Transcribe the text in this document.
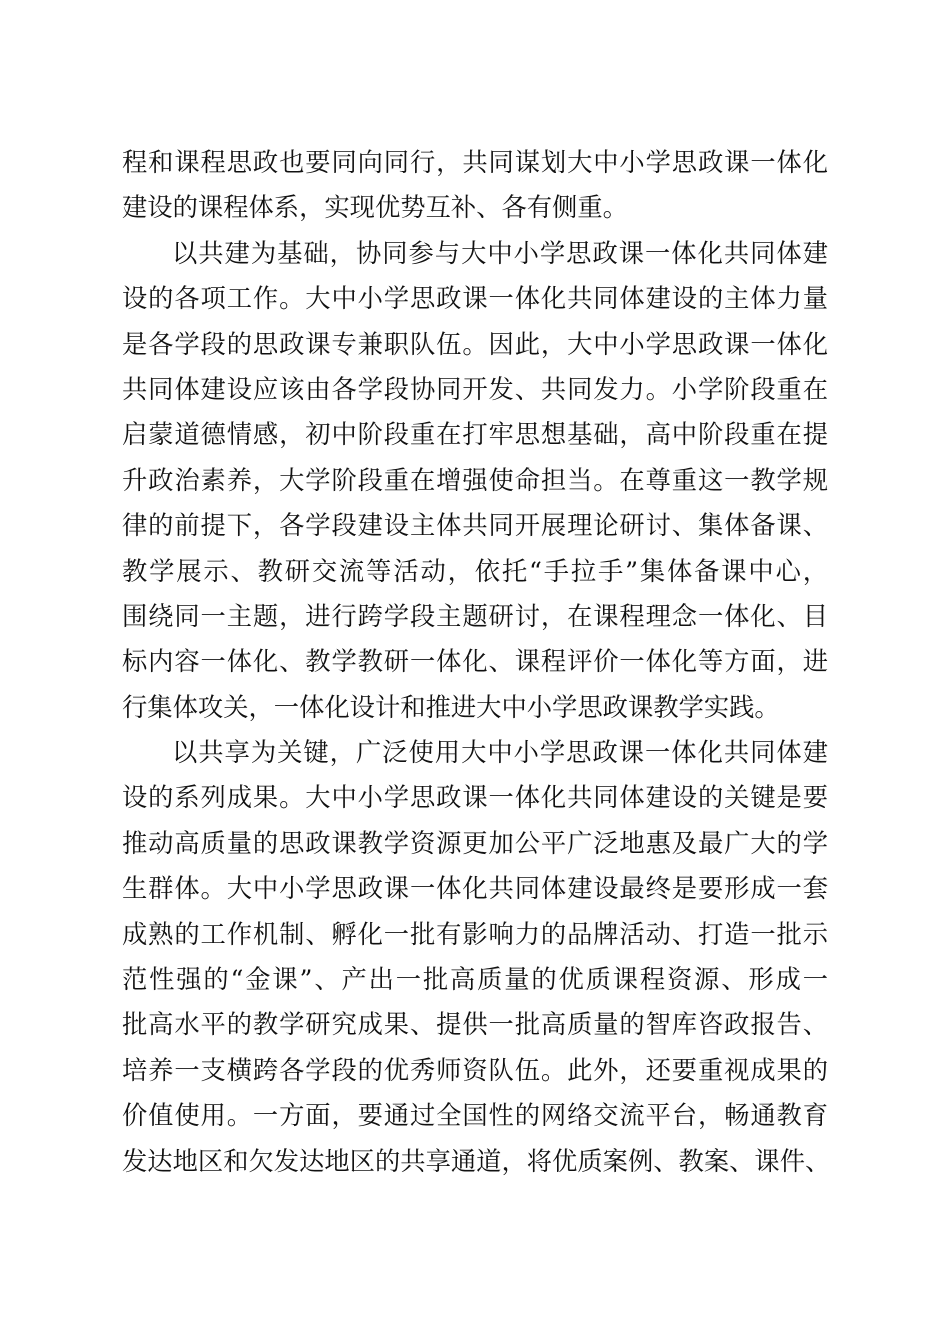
程和课程思政也要同向同行，共同谋划大中小学思政课一体化
建设的课程体系，实现优势互补、各有侧重。
以共建为基础，协同参与大中小学思政课一体化共同体建
设的各项工作。大中小学思政课一体化共同体建设的主体力量
是各学段的思政课专兼职队伍。因此，大中小学思政课一体化
共同体建设应该由各学段协同开发、共同发力。小学阶段重在
启蒙道德情感，初中阶段重在打牢思想基础，高中阶段重在提
升政治素养，大学阶段重在增强使命担当。在尊重这一教学规
律的前提下，各学段建设主体共同开展理论研讨、集体备课、
教学展示、教研交流等活动，依托“手拉手”集体备课中心，
围绕同一主题，进行跨学段主题研讨，在课程理念一体化、目
标内容一体化、教学教研一体化、课程评价一体化等方面，进
行集体攻关，一体化设计和推进大中小学思政课教学实践。
以共享为关键，广泛使用大中小学思政课一体化共同体建
设的系列成果。大中小学思政课一体化共同体建设的关键是要
推动高质量的思政课教学资源更加公平广泛地惠及最广大的学
生群体。大中小学思政课一体化共同体建设最终是要形成一套
成熟的工作机制、孵化一批有影响力的品牌活动、打造一批示
范性强的“金课”、产出一批高质量的优质课程资源、形成一
批高水平的教学研究成果、提供一批高质量的智库咨政报告、
培养一支横跨各学段的优秀师资队伍。此外，还要重视成果的
价值使用。一方面，要通过全国性的网络交流平台，畅通教育
发达地区和欠发达地区的共享通道，将优质案例、教案、课件、
